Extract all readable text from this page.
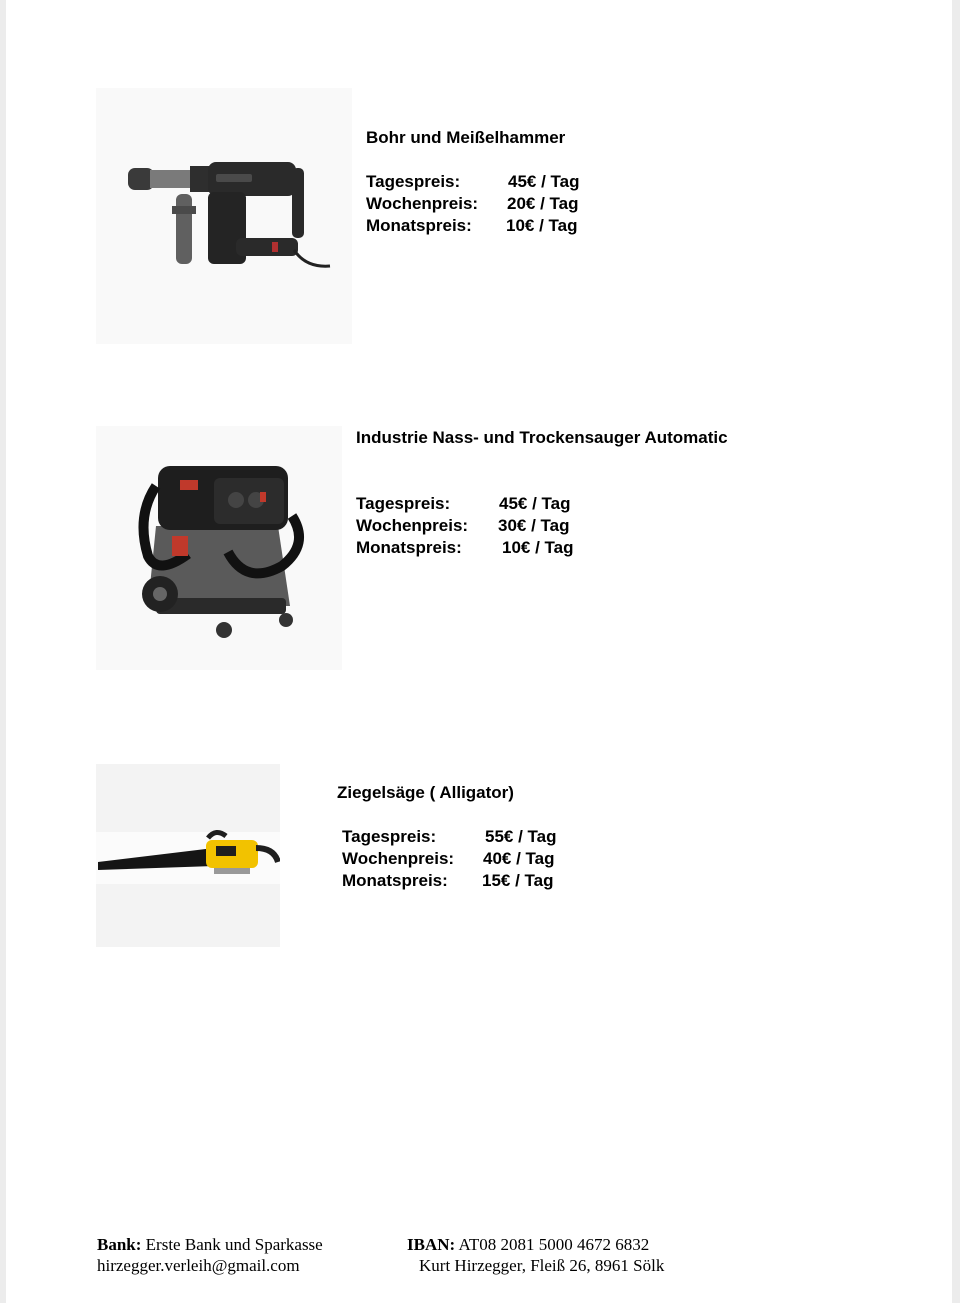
Bohr und Meißelhammer
Tagespreis:	45€ / Tag
Wochenpreis: 20€ / Tag
Monatspreis: 10€ / Tag
Industrie Nass- und Trockensauger Automatic
Tagespreis:	45€ / Tag
Wochenpreis: 30€ / Tag
Monatspreis: 10€ / Tag
Ziegelsäge ( Alligator)
Tagespreis:	55€ / Tag
Wochenpreis: 40€ / Tag
Monatspreis: 15€ / Tag
Bank: Erste Bank und Sparkasse	IBAN: AT08 2081 5000 4672 6832
hirzegger.verleih@gmail.com	Kurt Hirzegger, Fleiß 26, 8961 Sölk
